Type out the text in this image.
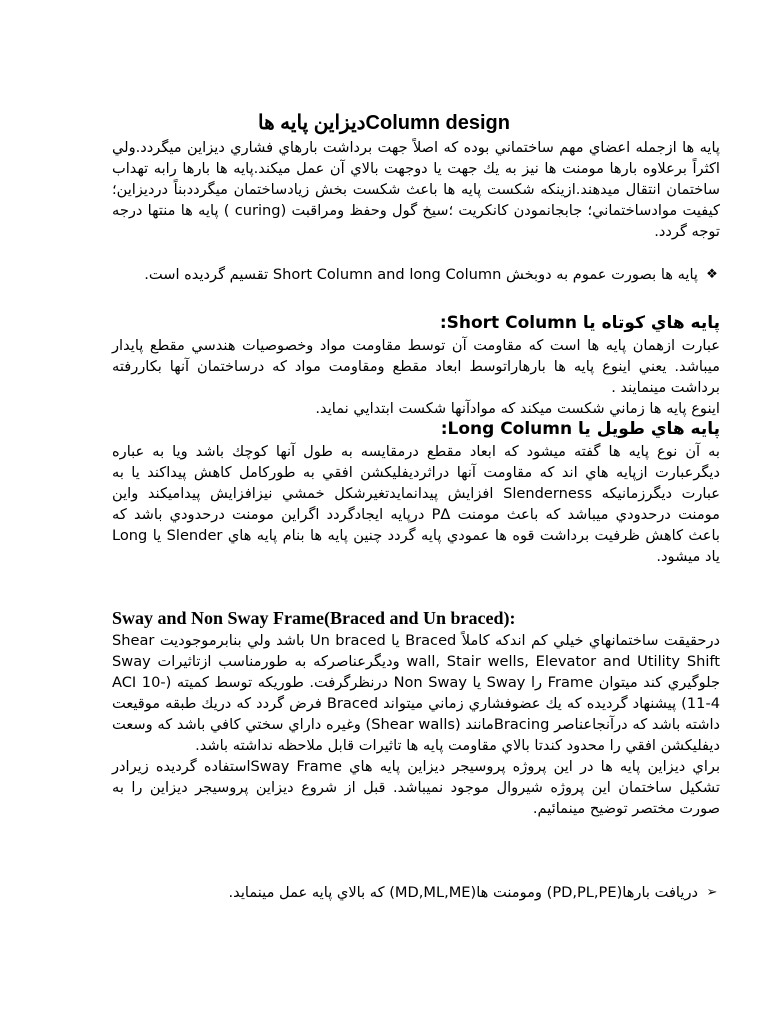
دیزاین پایه هاColumn design

پايه ها ازجمله اعضاي مهم ساختماني بوده كه اصلاً جهت برداشت بارهاي فشاري ديزاين ميگردد.ولي اكثراً برعلاوه بارها مومنت ها نيز به يك جهت يا دوجهت بالاي آن عمل ميكند.پايه ها بارها رابه تهداب ساختمان انتقال ميدهند.ازينكه شكست پايه ها باعث شكست بخش زيادساختمان ميگرددبناً درديزاين؛ كيفيت موادساختماني؛ جابجانمودن كانكريت ؛سيخ گول وحفظ ومراقبت (curing ) پايه ها منتها درجه توجه گردد.

❖

پايه ها بصورت عموم به دوبخش Short Column and long Column تقسيم گرديده است.

پايه هاي كوتاه يا Short Column:

عبارت ازهمان پايه ها است كه مقاومت آن توسط مقاومت مواد وخصوصيات هندسي مقطع پايدار ميباشد. يعني اينوع پايه ها بارهاراتوسط ابعاد مقطع ومقاومت مواد كه درساختمان آنها بكاررفته برداشت مينمايند .

اينوع پايه ها زماني شكست ميكند كه موادآنها شكست ابتدايي نمايد.

پايه هاي طويل يا Long Column:

به آن نوع پايه ها گفته ميشود كه ابعاد مقطع درمقايسه به طول آنها كوچك باشد ويا به عباره ديگرعبارت ازپايه هاي اند كه مقاومت آنها دراثرديفليكشن افقي به طوركامل كاهش پيداكند يا به عبارت ديگرزمانيكه Slenderness افزايش پيدانمايدتغيرشكل خمشي نيزافزايش پيداميكند واين مومنت درحدودي ميباشد كه باعث مومنت PΔ درپايه ايجادگردد اگراين مومنت درحدودي باشد كه باعث كاهش ظرفيت برداشت قوه ها عمودي پايه گردد چنين پايه ها بنام پايه هاي Slender يا Long ياد ميشود.

Sway and Non Sway Frame(Braced and Un braced):

درحقيقت ساختمانهاي خيلي كم اندكه كاملاً Braced يا Un braced باشد ولي بنابرموجوديت Shear wall, Stair wells, Elevator and Utility Shift وديگرعناصركه به طورمناسب ازتاثيرات Sway جلوگيري كند ميتوان Frame را Sway يا Non Sway درنظرگرفت. طوريكه توسط كميته (ACI 10-11-4) پيشنهاد گرديده كه يك عضوفشاري زماني ميتواند Braced فرض گردد كه دريك طبقه موقيعت داشته باشد كه درآنجاعناصر Bracingمانند (Shear walls) وغيره داراي سختي كافي باشد كه وسعت ديفليكشن افقي را محدود كندتا بالاي مقاومت پايه ها تاثيرات قابل ملاحظه نداشته باشد.

براي ديزاين پايه ها در اين پروژه پروسيجر ديزاين پايه هاي Sway Frameاستفاده گرديده زيرادر تشكيل ساختمان اين پروژه شيروال موجود نميباشد. قبل از شروع ديزاين پروسيجر ديزاين را به صورت مختصر توضيح مينمائيم.

➢

دريافت بارها(PD,PL,PE) ومومنت ها(MD,ML,ME) كه بالاي پايه عمل مينمايد.
